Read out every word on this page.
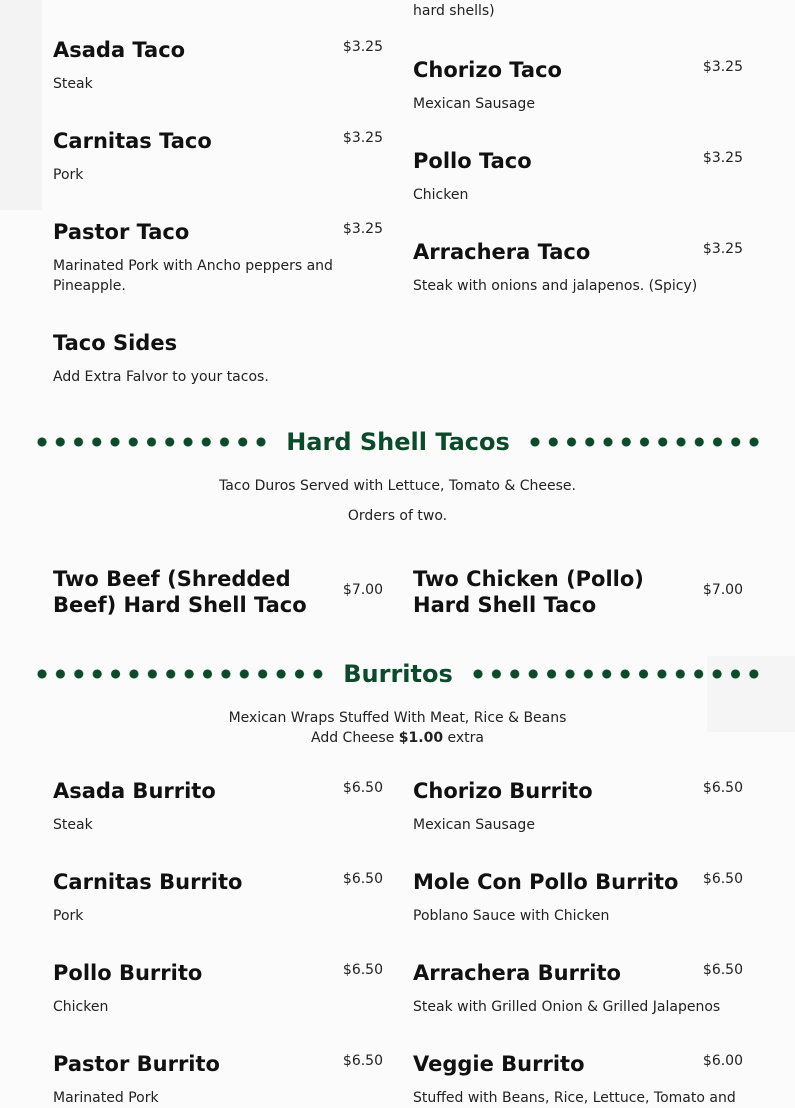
hard shells)
Asada Taco	$3.25
Steak
Carnitas Taco	$3.25
Pork
Pastor Taco	$3.25
Marinated Pork with Ancho peppers and Pineapple.
Taco Sides
Add Extra Falvor to your tacos.
Chorizo Taco	$3.25
Mexican Sausage
Pollo Taco	$3.25
Chicken
Arrachera Taco	$3.25
Steak with onions and jalapenos. (Spicy)
Hard Shell Tacos
Taco Duros Served with Lettuce, Tomato & Cheese.
Orders of two.
Two Beef (Shredded Beef) Hard Shell Taco
$7.00 Two Chicken (Pollo) Hard Shell Taco
$7.00
Burritos
Mexican Wraps Stuffed With Meat, Rice & Beans
Add Cheese $1.00 extra
Asada Burrito	$6.50
Steak
Carnitas Burrito	$6.50
Pork
Pollo Burrito	$6.50
Chicken
Pastor Burrito	$6.50
Marinated Pork
Chorizo Burrito	$6.50
Mexican Sausage
Mole Con Pollo Burrito	$6.50
Poblano Sauce with Chicken
Arrachera Burrito	$6.50
Steak with Grilled Onion & Grilled Jalapenos
Veggie Burrito	$6.00
Stuffed with Beans, Rice, Lettuce, Tomato and
